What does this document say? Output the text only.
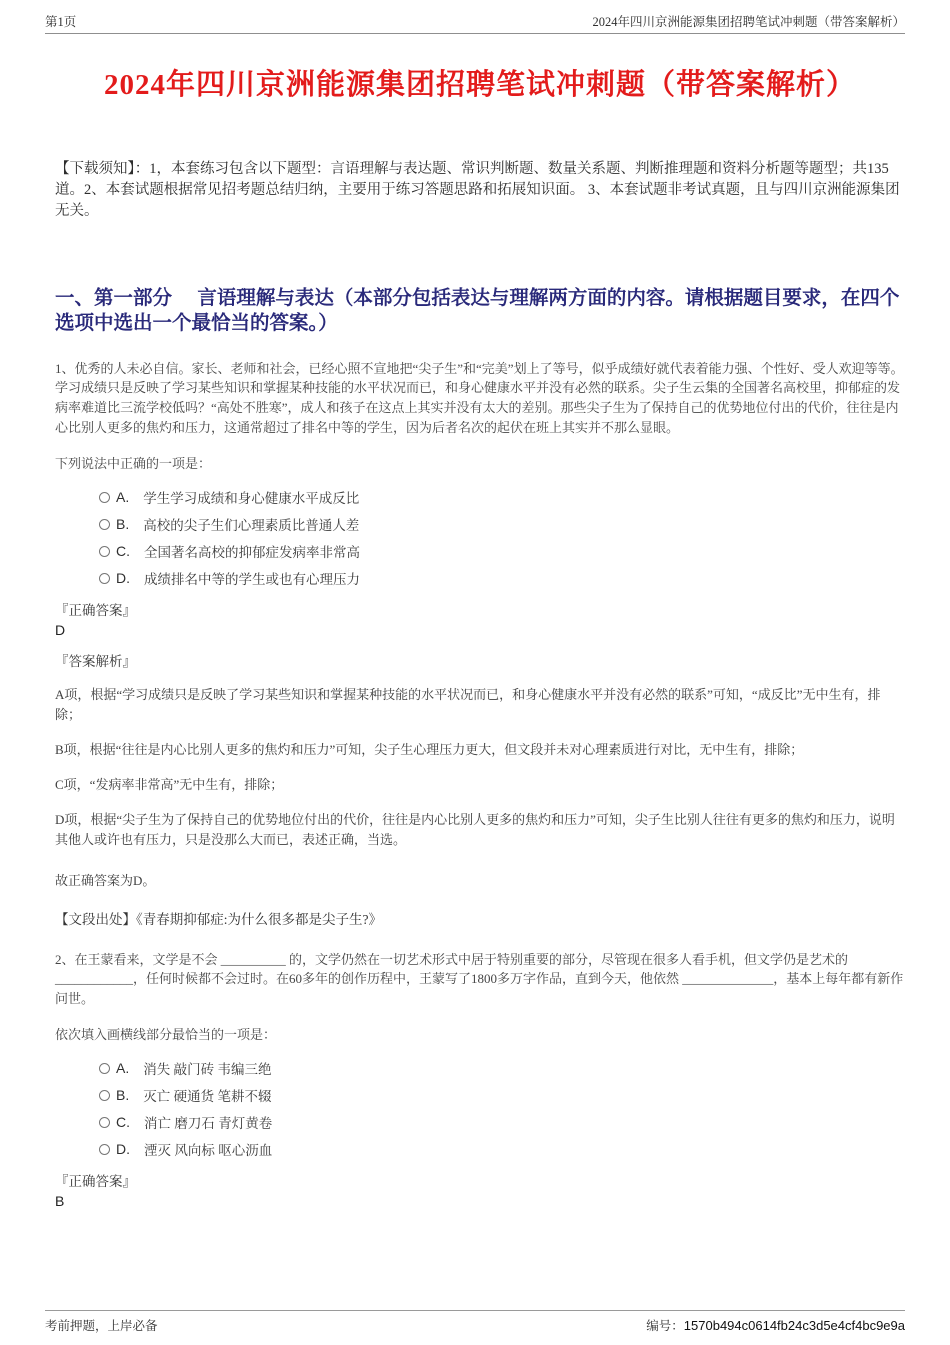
第1页	2024年四川京洲能源集团招聘笔试冲刺题（带答案解析）
2024年四川京洲能源集团招聘笔试冲刺题（带答案解析）
【下载须知】：1，本套练习包含以下题型：言语理解与表达题、常识判断题、数量关系题、判断推理题和资料分析题等题型；共135道。2、本套试题根据常见招考题总结归纳，主要用于练习答题思路和拓展知识面。 3、本套试题非考试真题，且与四川京洲能源集团无关。
一、第一部分 言语理解与表达（本部分包括表达与理解两方面的内容。请根据题目要求，在四个选项中选出一个最恰当的答案。）
1、优秀的人未必自信。家长、老师和社会，已经心照不宣地把“尖子生”和“完美”划上了等号，似乎成绩好就代表着能力强、个性好、受人欢迎等等。学习成绩只是反映了学习某些知识和掌握某种技能的水平状况而已，和身心健康水平并没有必然的联系。尖子生云集的全国著名高校里，抑郁症的发病率难道比三流学校低吗？“高处不胜寒”，成人和孩子在这点上其实并没有太大的差别。那些尖子生为了保持自己的优势地位付出的代价，往往是内心比别人更多的焦灼和压力，这通常超过了排名中等的学生，因为后者名次的起伏在班上其实并不那么显眼。
下列说法中正确的一项是：
A. 学生学习成绩和身心健康水平成反比
B. 高校的尖子生们心理素质比普通人差
C. 全国著名高校的抑郁症发病率非常高
D. 成绩排名中等的学生或也有心理压力
『正确答案』
D
『答案解析』

A项，根据“学习成绩只是反映了学习某些知识和掌握某种技能的水平状况而已，和身心健康水平并没有必然的联系”可知，“成反比”无中生有，排除；

B项，根据“往往是内心比别人更多的焦灼和压力”可知，尖子生心理压力更大，但文段并未对心理素质进行对比，无中生有，排除；

C项，“发病率非常高”无中生有，排除；

D项，根据“尖子生为了保持自己的优势地位付出的代价，往往是内心比别人更多的焦灼和压力”可知，尖子生比别人往往有更多的焦灼和压力，说明其他人或许也有压力，只是没那么大而已，表述正确，当选。

故正确答案为D。
【文段出处】《青春期抑郁症:为什么很多都是尖子生?》
2、在王蒙看来，文学是不会 __________ 的，文学仍然在一切艺术形式中居于特别重要的部分，尽管现在很多人看手机，但文学仍是艺术的 ____________，任何时候都不会过时。在60多年的创作历程中，王蒙写了1800多万字作品，直到今天，他依然 ______________，基本上每年都有新作问世。
依次填入画横线部分最恰当的一项是：
A. 消失 敲门砖 韦编三绝
B. 灭亡 硬通货 笔耕不辍
C. 消亡 磨刀石 青灯黄卷
D. 湮灭 风向标 呕心沥血
『正确答案』
B
考前押题，上岸必备	编号：1570b494c0614fb24c3d5e4cf4bc9e9a
